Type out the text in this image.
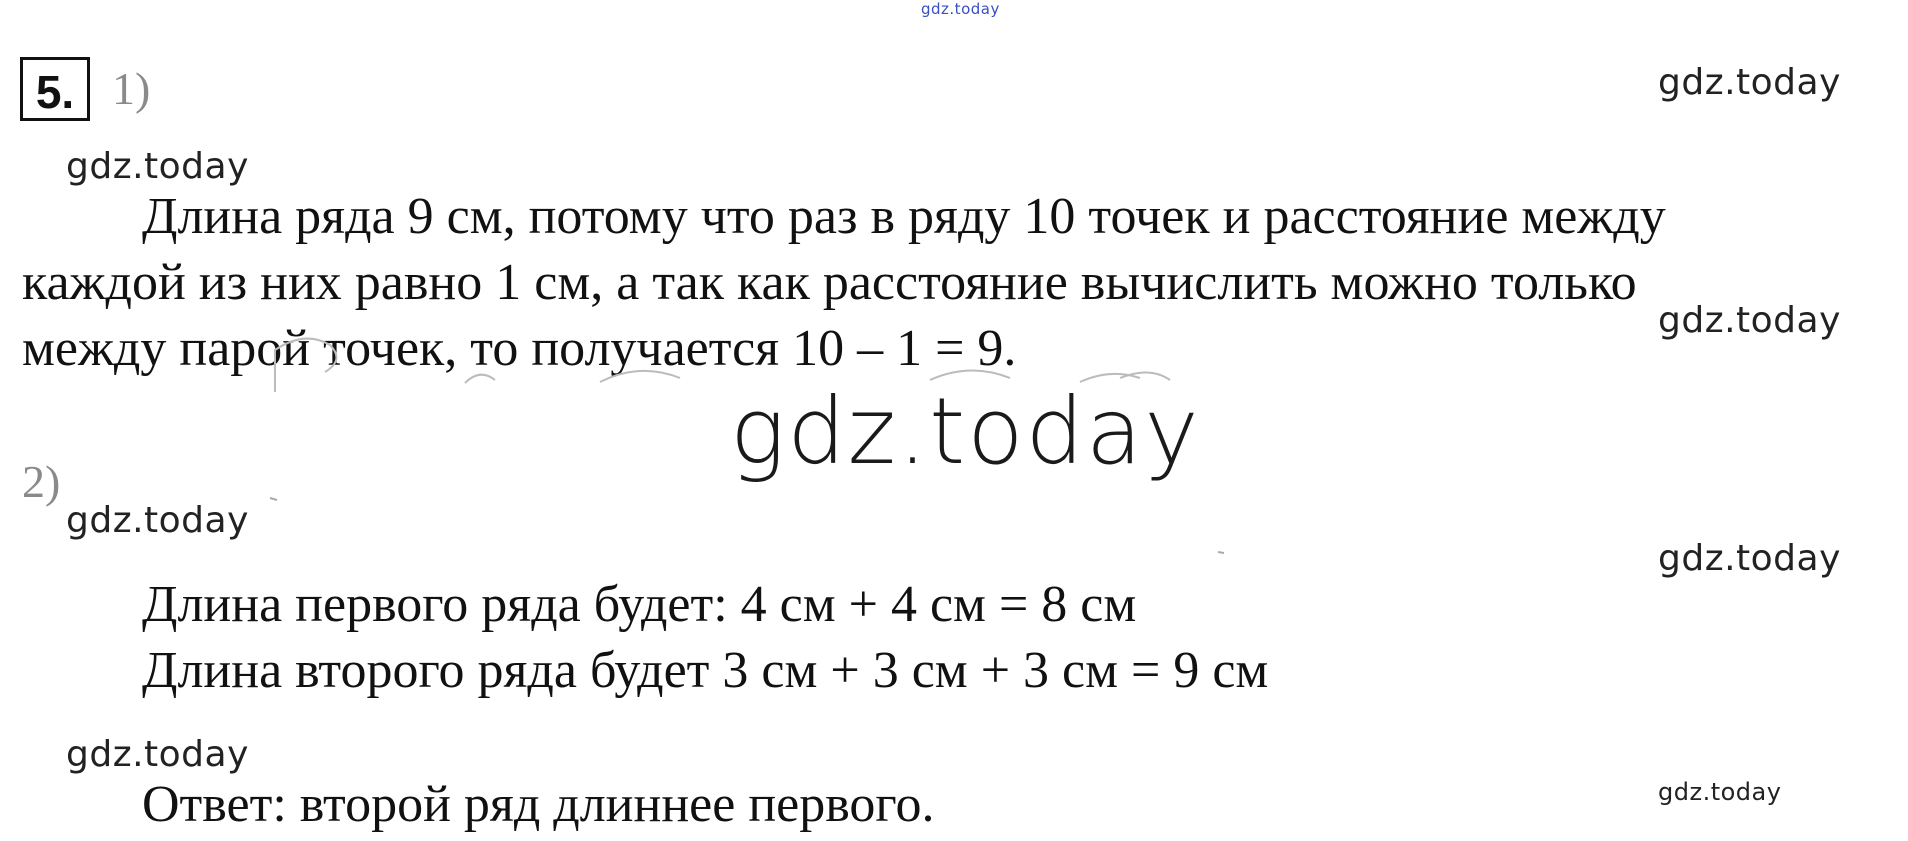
gdz.today
5. 1)	gdz.today
gdz.today
Длина ряда 9 см, потому что раз в ряду 10 точек и расстояние между
каждой из них равно 1 см, а так как расстояние вычислить можно только
gdz.today
между парой точек, то получается 10 – 1 = 9.
gdz.today
2)
gdz.today
gdz.today
Длина первого ряда будет: 4 см + 4 см = 8 см
Длина второго ряда будет 3 см + 3 см + 3 см = 9 см
gdz.today
Ответ: второй ряд длиннее первого.	gdz.today
